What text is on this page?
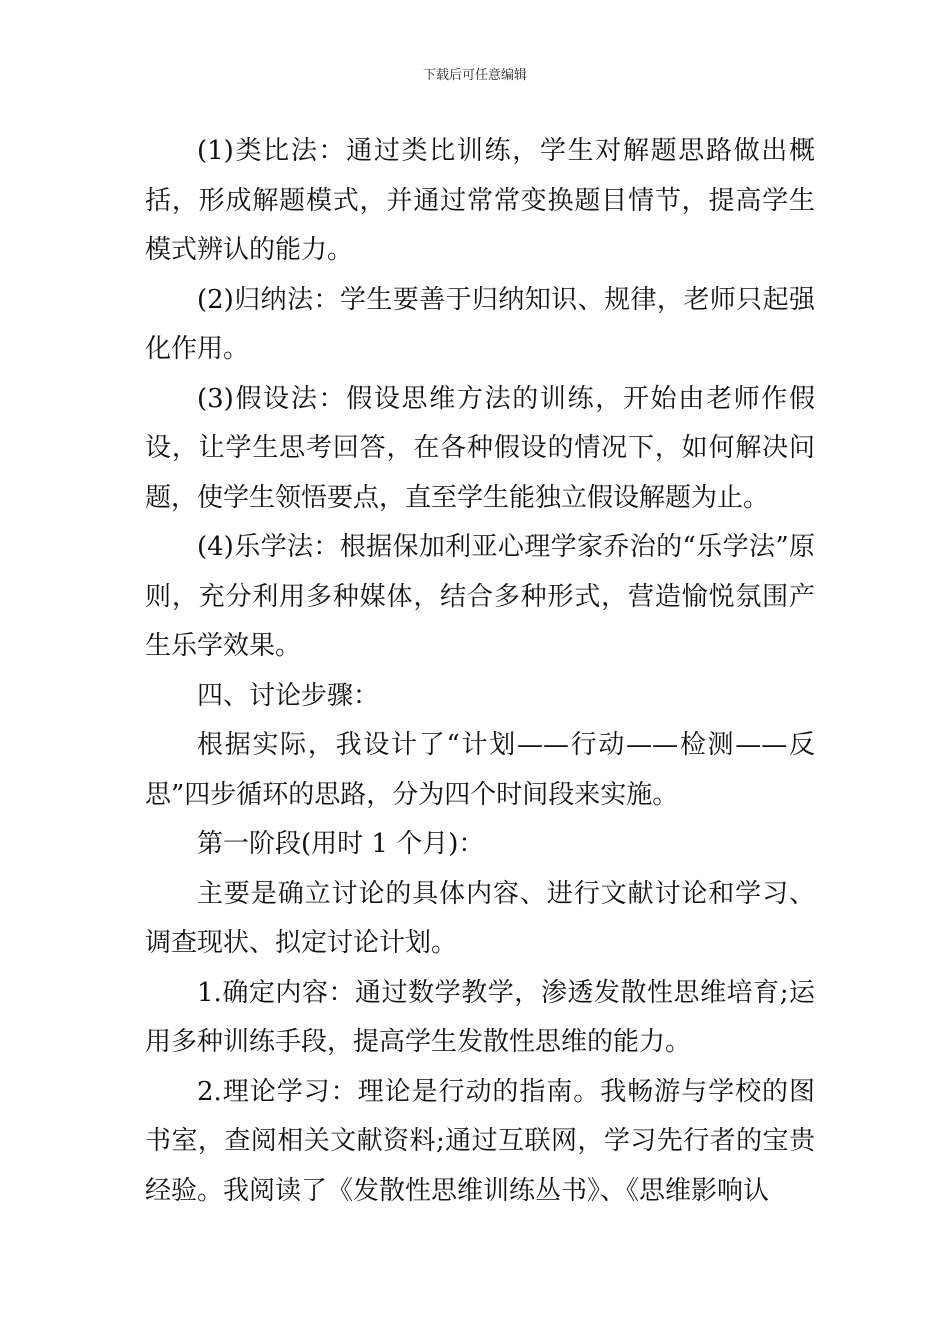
下载后可任意编辑

(1)类比法：通过类比训练，学生对解题思路做出概括，形成解题模式，并通过常常变换题目情节，提高学生模式辨认的能力。

(2)归纳法：学生要善于归纳知识、规律，老师只起强化作用。

(3)假设法：假设思维方法的训练，开始由老师作假设，让学生思考回答，在各种假设的情况下，如何解决问题，使学生领悟要点，直至学生能独立假设解题为止。

(4)乐学法：根据保加利亚心理学家乔治的“乐学法”原则，充分利用多种媒体，结合多种形式，营造愉悦氛围产生乐学效果。

四、讨论步骤：

根据实际，我设计了“计划——行动——检测——反思”四步循环的思路，分为四个时间段来实施。

第一阶段(用时 1 个月)：

主要是确立讨论的具体内容、进行文献讨论和学习、调查现状、拟定讨论计划。

1.确定内容：通过数学教学，渗透发散性思维培育;运用多种训练手段，提高学生发散性思维的能力。

2.理论学习：理论是行动的指南。我畅游与学校的图书室，查阅相关文献资料;通过互联网，学习先行者的宝贵经验。我阅读了《发散性思维训练丛书》、《思维影响认
